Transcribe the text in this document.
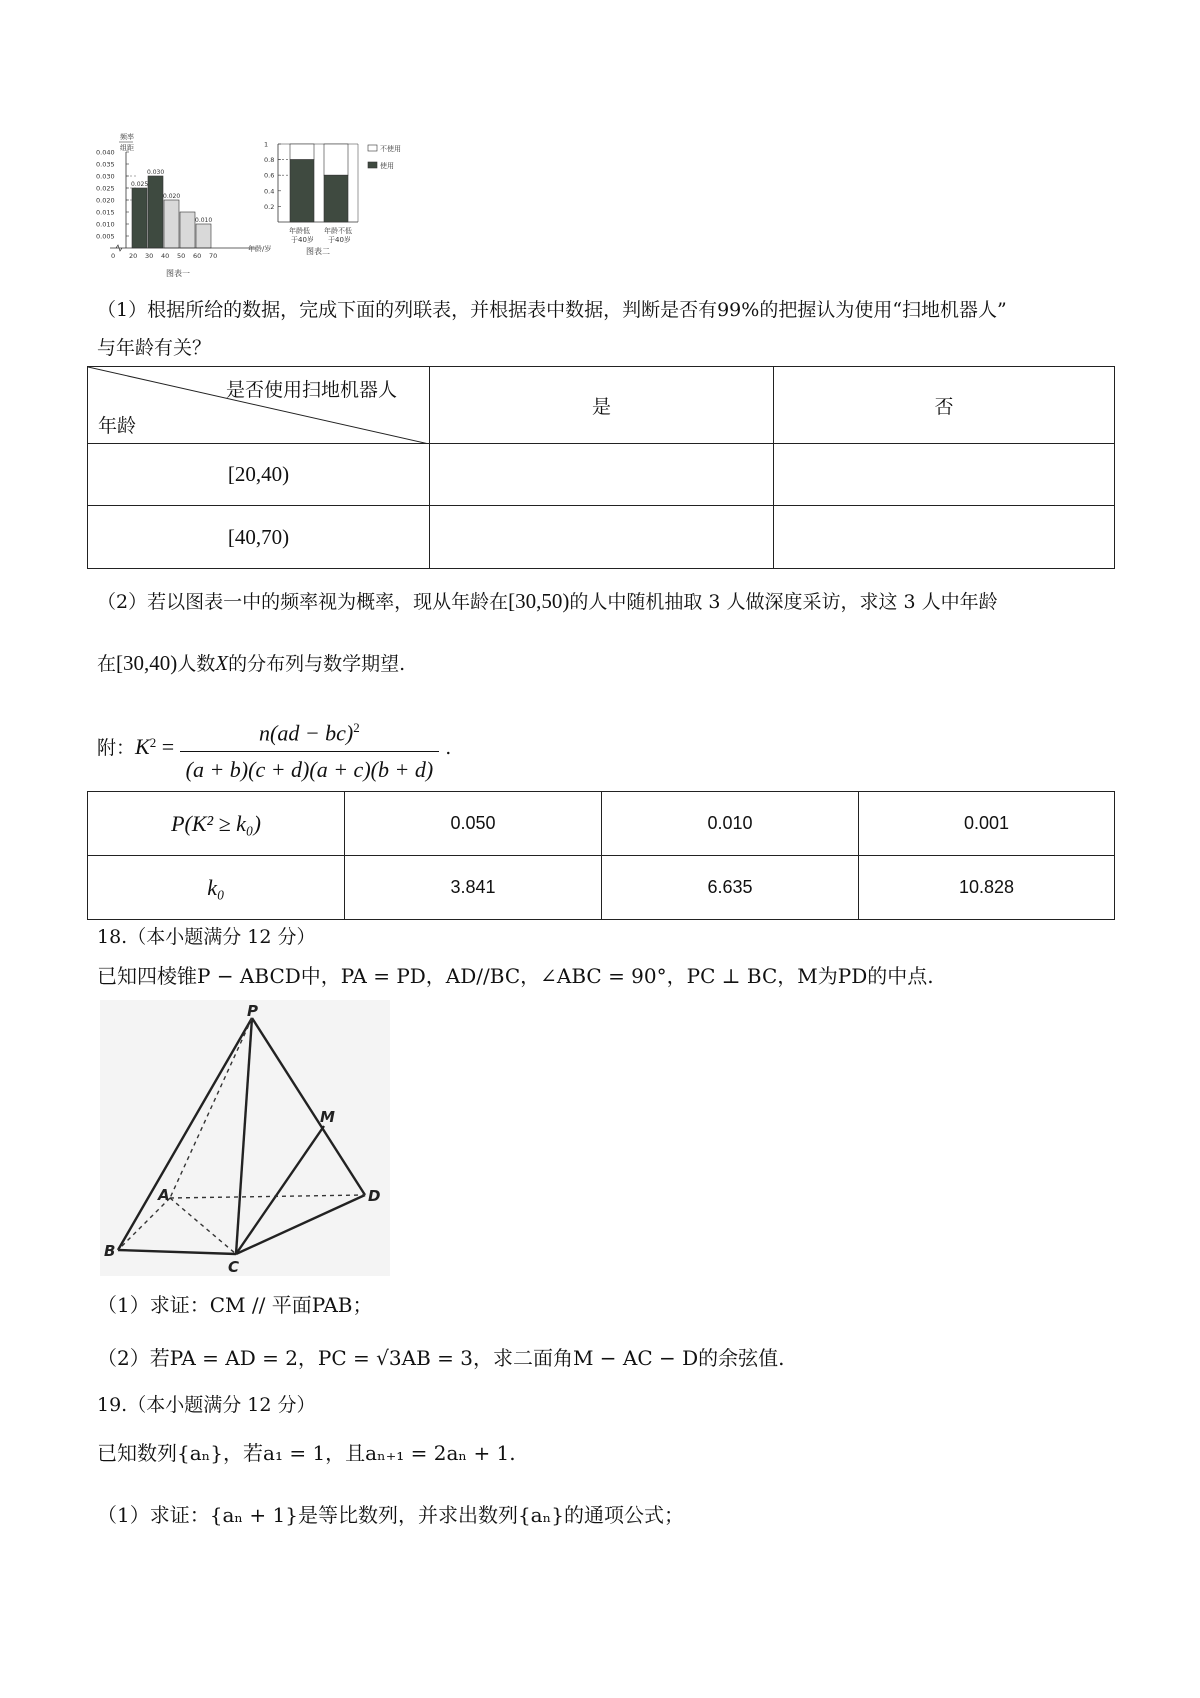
频率
组距
0.040
0.035
0.030
0.025
0.020
0.015
0.010
0.005
0.025
0.030
0.020
0.010
0 20 30 40 50 60 70
年龄/岁
图表一
1
0.8
0.6
0.4
0.2
年龄低
于40岁
年龄不低
于40岁
不使用
使用
图表二
（1）根据所给的数据，完成下面的列联表，并根据表中数据，判断是否有99%的把握认为使用“扫地机器人”
与年龄有关？
是否使用扫地机器人
年龄	是	否
[20,40)		
[40,70)		
（2）若以图表一中的频率视为概率，现从年龄在[30,50)的人中随机抽取 3 人做深度采访，求这 3 人中年龄
在[30,40)人数X的分布列与数学期望.
附：$K^2 = \frac{n(ad - bc)^2}{(a + b)(c + d)(a + c)(b + d)}$ .
P(K² ≥ k₀)	0.050	0.010	0.001
k₀	3.841	6.635	10.828
18.（本小题满分 12 分）
已知四棱锥P − ABCD中，PA = PD，AD//BC，∠ABC = 90°，PC ⊥ BC，M为PD的中点.
P
M
A	D
B
C
（1）求证：CM // 平面PAB；
（2）若PA = AD = 2，PC = √3AB = 3，求二面角M − AC − D的余弦值.
19.（本小题满分 12 分）
已知数列{aₙ}，若a₁ = 1，且aₙ₊₁ = 2aₙ + 1.
（1）求证：{aₙ + 1}是等比数列，并求出数列{aₙ}的通项公式；
